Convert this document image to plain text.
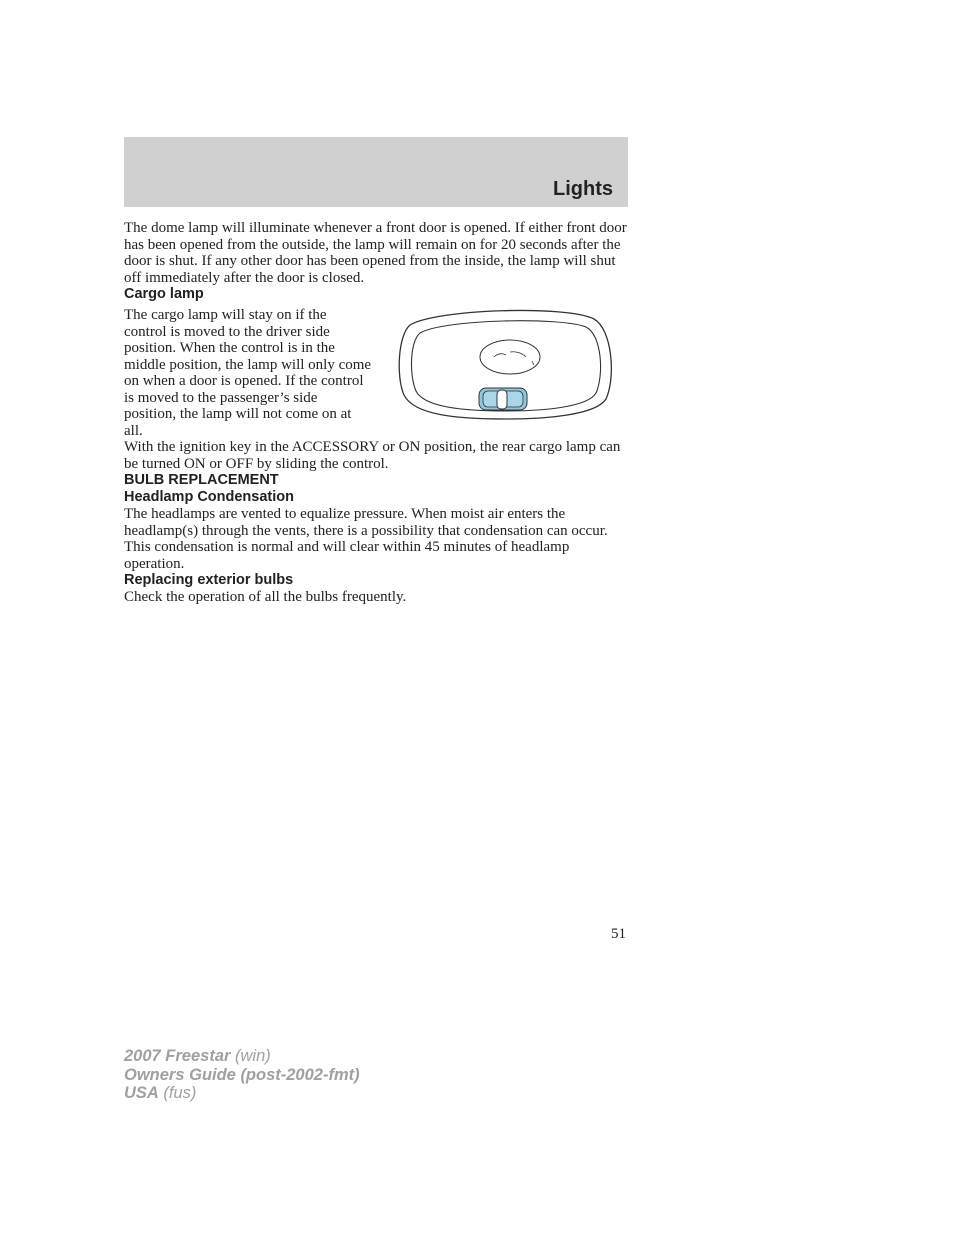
Lights

The dome lamp will illuminate whenever a front door is opened. If either front door has been opened from the outside, the lamp will remain on for 20 seconds after the door is shut. If any other door has been opened from the inside, the lamp will shut off immediately after the door is closed.

Cargo lamp

The cargo lamp will stay on if the control is moved to the driver side position. When the control is in the middle position, the lamp will only come on when a door is opened. If the control is moved to the passenger’s side position, the lamp will not come on at all.

With the ignition key in the ACCESSORY or ON position, the rear cargo lamp can be turned ON or OFF by sliding the control.

BULB REPLACEMENT
Headlamp Condensation

The headlamps are vented to equalize pressure. When moist air enters the headlamp(s) through the vents, there is a possibility that condensation can occur. This condensation is normal and will clear within 45 minutes of headlamp operation.

Replacing exterior bulbs

Check the operation of all the bulbs frequently.

51

2007 Freestar (win)
Owners Guide (post-2002-fmt)
USA (fus)
